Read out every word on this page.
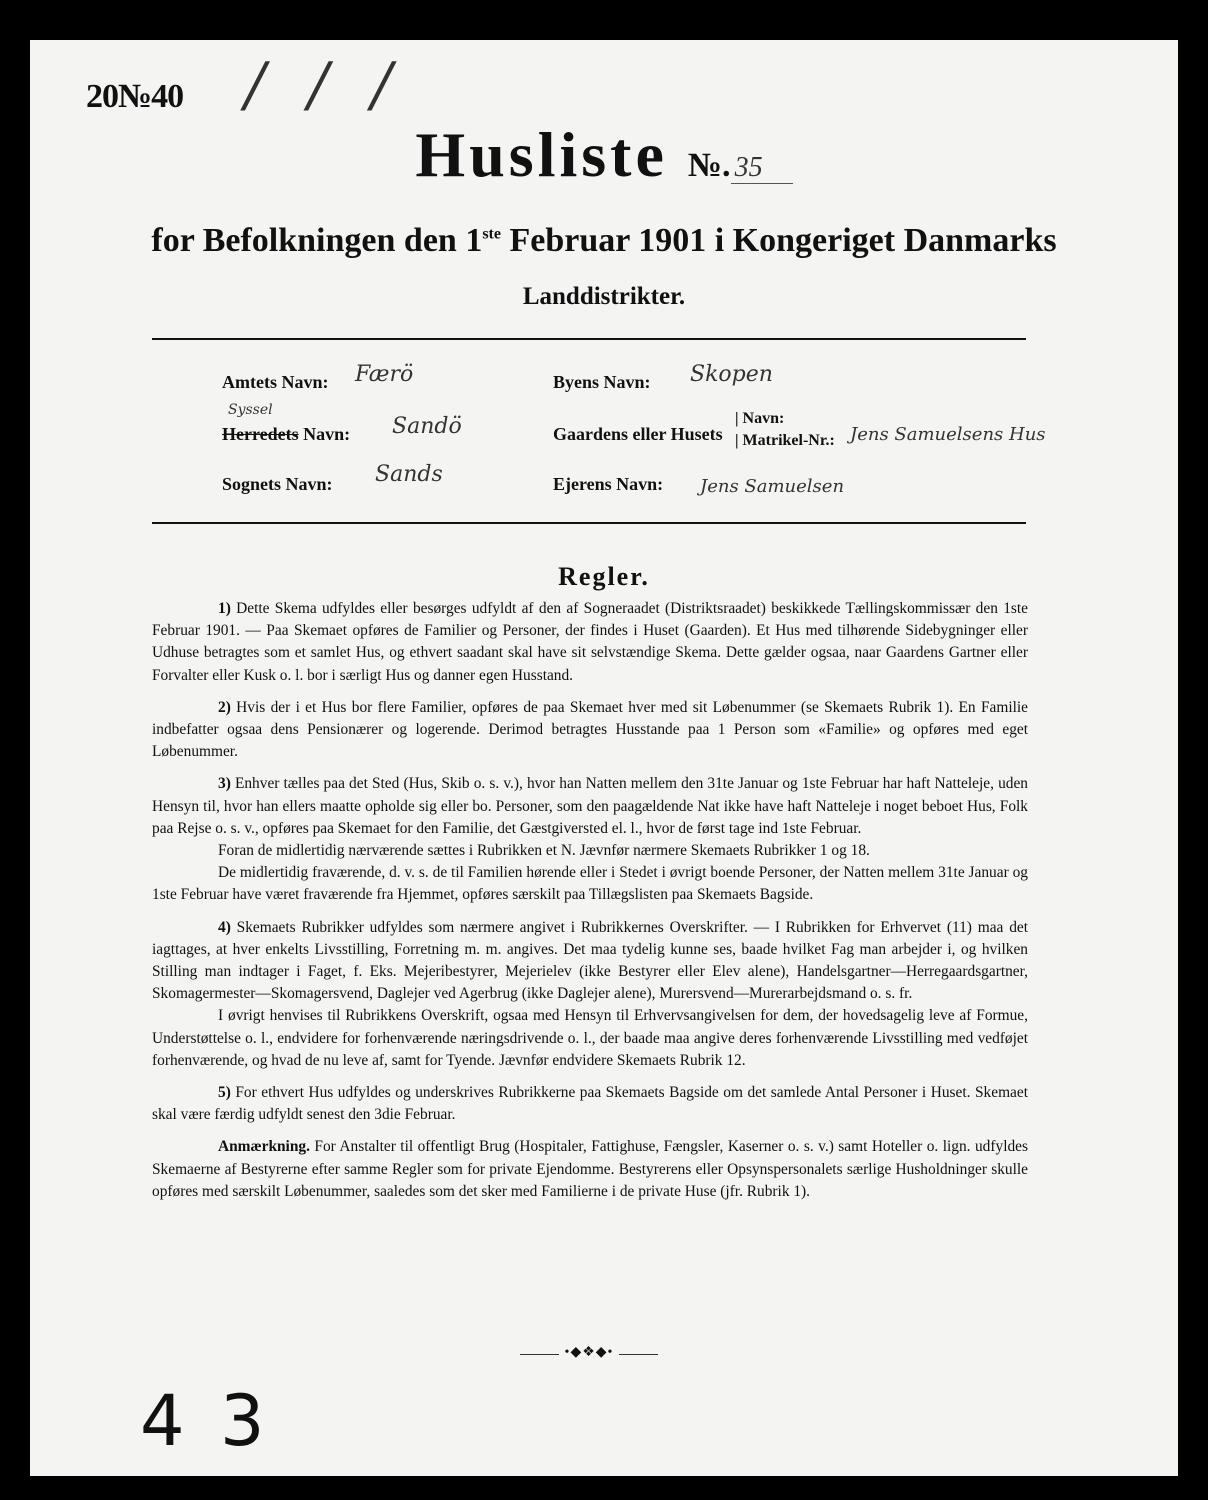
20№40 / / /
Husliste №. 35
for Befolkningen den 1ste Februar 1901 i Kongeriget Danmarks
Landdistrikter.
Amtets Navn: Færö
Syssel
Herredets Navn: Sandö
Sognets Navn: Sands
Byens Navn: Skopen
Gaardens eller Husets
| Navn:
| Matrikel-Nr.: Jens Samuelsens Hus
Ejerens Navn: Jens Samuelsen
Regler.

1) Dette Skema udfyldes eller besørges udfyldt af den af Sogneraadet (Distriktsraadet) beskikkede Tællingskommissær den 1ste Februar 1901. — Paa Skemaet opføres de Familier og Personer, der findes i Huset (Gaarden). Et Hus med tilhørende Sidebygninger eller Udhuse betragtes som et samlet Hus, og ethvert saadant skal have sit selvstændige Skema. Dette gælder ogsaa, naar Gaardens Gartner eller Forvalter eller Kusk o. l. bor i særligt Hus og danner egen Husstand.

2) Hvis der i et Hus bor flere Familier, opføres de paa Skemaet hver med sit Løbenummer (se Skemaets Rubrik 1). En Familie indbefatter ogsaa dens Pensionærer og logerende. Derimod betragtes Husstande paa 1 Person som «Familie» og opføres med eget Løbenummer.

3) Enhver tælles paa det Sted (Hus, Skib o. s. v.), hvor han Natten mellem den 31te Januar og 1ste Februar har haft Natteleje, uden Hensyn til, hvor han ellers maatte opholde sig eller bo. Personer, som den paagældende Nat ikke have haft Natteleje i noget beboet Hus, Folk paa Rejse o. s. v., opføres paa Skemaet for den Familie, det Gæstgiversted el. l., hvor de først tage ind 1ste Februar.

Foran de midlertidig nærværende sættes i Rubrikken et N. Jævnfør nærmere Skemaets Rubrikker 1 og 18.

De midlertidig fraværende, d. v. s. de til Familien hørende eller i Stedet i øvrigt boende Personer, der Natten mellem 31te Januar og 1ste Februar have været fraværende fra Hjemmet, opføres særskilt paa Tillægslisten paa Skemaets Bagside.

4) Skemaets Rubrikker udfyldes som nærmere angivet i Rubrikkernes Overskrifter. — I Rubrikken for Erhvervet (11) maa det iagttages, at hver enkelts Livsstilling, Forretning m. m. angives. Det maa tydelig kunne ses, baade hvilket Fag man arbejder i, og hvilken Stilling man indtager i Faget, f. Eks. Mejeribestyrer, Mejerielev (ikke Bestyrer eller Elev alene), Handelsgartner—Herregaardsgartner, Skomagermester—Skomagersvend, Daglejer ved Agerbrug (ikke Daglejer alene), Murersvend—Murerarbejdsmand o. s. fr.

I øvrigt henvises til Rubrikkens Overskrift, ogsaa med Hensyn til Erhvervsangivelsen for dem, der hovedsagelig leve af Formue, Understøttelse o. l., endvidere for forhenværende næringsdrivende o. l., der baade maa angive deres forhenværende Livsstilling med vedføjet forhenværende, og hvad de nu leve af, samt for Tyende. Jævnfør endvidere Skemaets Rubrik 12.

5) For ethvert Hus udfyldes og underskrives Rubrikkerne paa Skemaets Bagside om det samlede Antal Personer i Huset. Skemaet skal være færdig udfyldt senest den 3die Februar.

Anmærkning. For Anstalter til offentligt Brug (Hospitaler, Fattighuse, Fængsler, Kaserner o. s. v.) samt Hoteller o. lign. udfyldes Skemaerne af Bestyrerne efter samme Regler som for private Ejendomme. Bestyrerens eller Opsynspersonalets særlige Husholdninger skulle opføres med særskilt Løbenummer, saaledes som det sker med Familierne i de private Huse (jfr. Rubrik 1).

•◆❖◆•
4 3
